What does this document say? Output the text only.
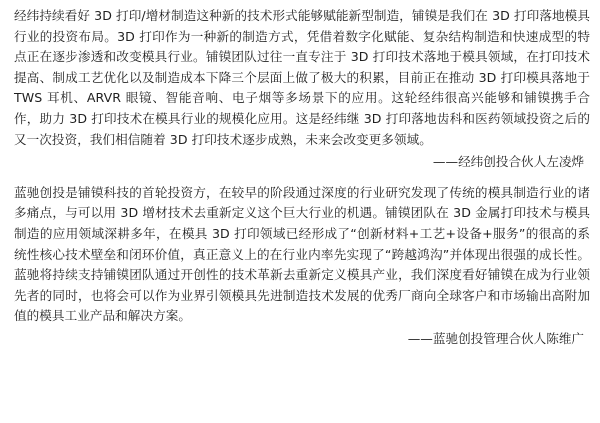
经纬持续看好 3D 打印/增材制造这种新的技术形式能够赋能新型制造，铺镆是我们在 3D 打印落地模具行业的投资布局。3D 打印作为一种新的制造方式，凭借着数字化赋能、复杂结构制造和快速成型的特点正在逐步渗透和改变模具行业。铺镆团队过往一直专注于 3D 打印技术落地于模具领域，在打印技术提高、制成工艺优化以及制造成本下降三个层面上做了极大的积累，目前正在推动 3D 打印模具落地于 TWS 耳机、ARVR 眼镜、智能音响、电子烟等多场景下的应用。这轮经纬很高兴能够和铺镆携手合作，助力 3D 打印技术在模具行业的规模化应用。这是经纬继 3D 打印落地齿科和医药领域投资之后的又一次投资，我们相信随着 3D 打印技术逐步成熟，未来会改变更多领域。

——经纬创投合伙人左凌烨

蓝驰创投是铺镆科技的首轮投资方，在较早的阶段通过深度的行业研究发现了传统的模具制造行业的诸多痛点，与可以用 3D 增材技术去重新定义这个巨大行业的机遇。铺镆团队在 3D 金属打印技术与模具制造的应用领域深耕多年，在模具 3D 打印领域已经形成了“创新材料+工艺+设备+服务”的很高的系统性核心技术壁垒和闭环价值，真正意义上的在行业内率先实现了“跨越鸿沟”并体现出很强的成长性。蓝驰将持续支持铺镆团队通过开创性的技术革新去重新定义模具产业，我们深度看好铺镆在成为行业领先者的同时，也将会可以作为业界引领模具先进制造技术发展的优秀厂商向全球客户和市场输出高附加值的模具工业产品和解决方案。

——蓝驰创投管理合伙人陈维广
